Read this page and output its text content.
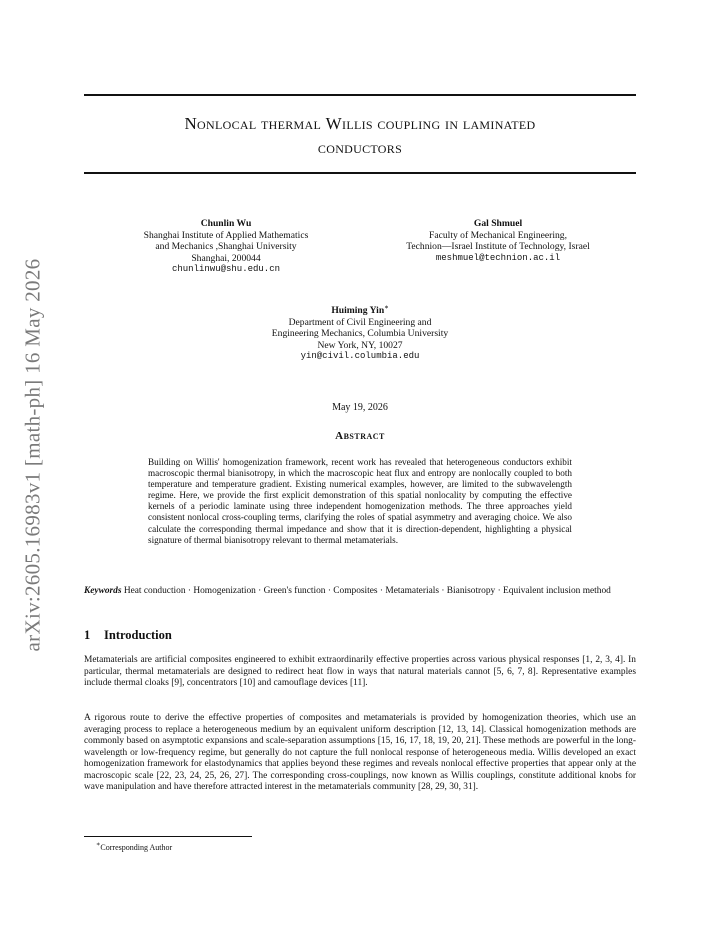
arXiv:2605.16983v1 [math-ph] 16 May 2026
Nonlocal thermal Willis coupling in laminated
conductors
Chunlin Wu
Shanghai Institute of Applied Mathematics
and Mechanics ,Shanghai University
Shanghai, 200044
chunlinwu@shu.edu.cn
Gal Shmuel
Faculty of Mechanical Engineering,
Technion—Israel Institute of Technology, Israel
meshmuel@technion.ac.il
Huiming Yin∗
Department of Civil Engineering and
Engineering Mechanics, Columbia University
New York, NY, 10027
yin@civil.columbia.edu
May 19, 2026
Abstract
Building on Willis' homogenization framework, recent work has revealed that heterogeneous conductors exhibit macroscopic thermal bianisotropy, in which the macroscopic heat flux and entropy are nonlocally coupled to both temperature and temperature gradient. Existing numerical examples, however, are limited to the subwavelength regime. Here, we provide the first explicit demonstration of this spatial nonlocality by computing the effective kernels of a periodic laminate using three independent homogenization methods. The three approaches yield consistent nonlocal cross-coupling terms, clarifying the roles of spatial asymmetry and averaging choice. We also calculate the corresponding thermal impedance and show that it is direction-dependent, highlighting a physical signature of thermal bianisotropy relevant to thermal metamaterials.
Keywords Heat conduction · Homogenization · Green's function · Composites · Metamaterials · Bianisotropy · Equivalent inclusion method
1 Introduction
Metamaterials are artificial composites engineered to exhibit extraordinarily effective properties across various physical responses [1, 2, 3, 4]. In particular, thermal metamaterials are designed to redirect heat flow in ways that natural materials cannot [5, 6, 7, 8]. Representative examples include thermal cloaks [9], concentrators [10] and camouflage devices [11].
A rigorous route to derive the effective properties of composites and metamaterials is provided by homogenization theories, which use an averaging process to replace a heterogeneous medium by an equivalent uniform description [12, 13, 14]. Classical homogenization methods are commonly based on asymptotic expansions and scale-separation assumptions [15, 16, 17, 18, 19, 20, 21]. These methods are powerful in the long-wavelength or low-frequency regime, but generally do not capture the full nonlocal response of heterogeneous media. Willis developed an exact homogenization framework for elastodynamics that applies beyond these regimes and reveals nonlocal effective properties that appear only at the macroscopic scale [22, 23, 24, 25, 26, 27]. The corresponding cross-couplings, now known as Willis couplings, constitute additional knobs for wave manipulation and have therefore attracted interest in the metamaterials community [28, 29, 30, 31].
∗Corresponding Author
